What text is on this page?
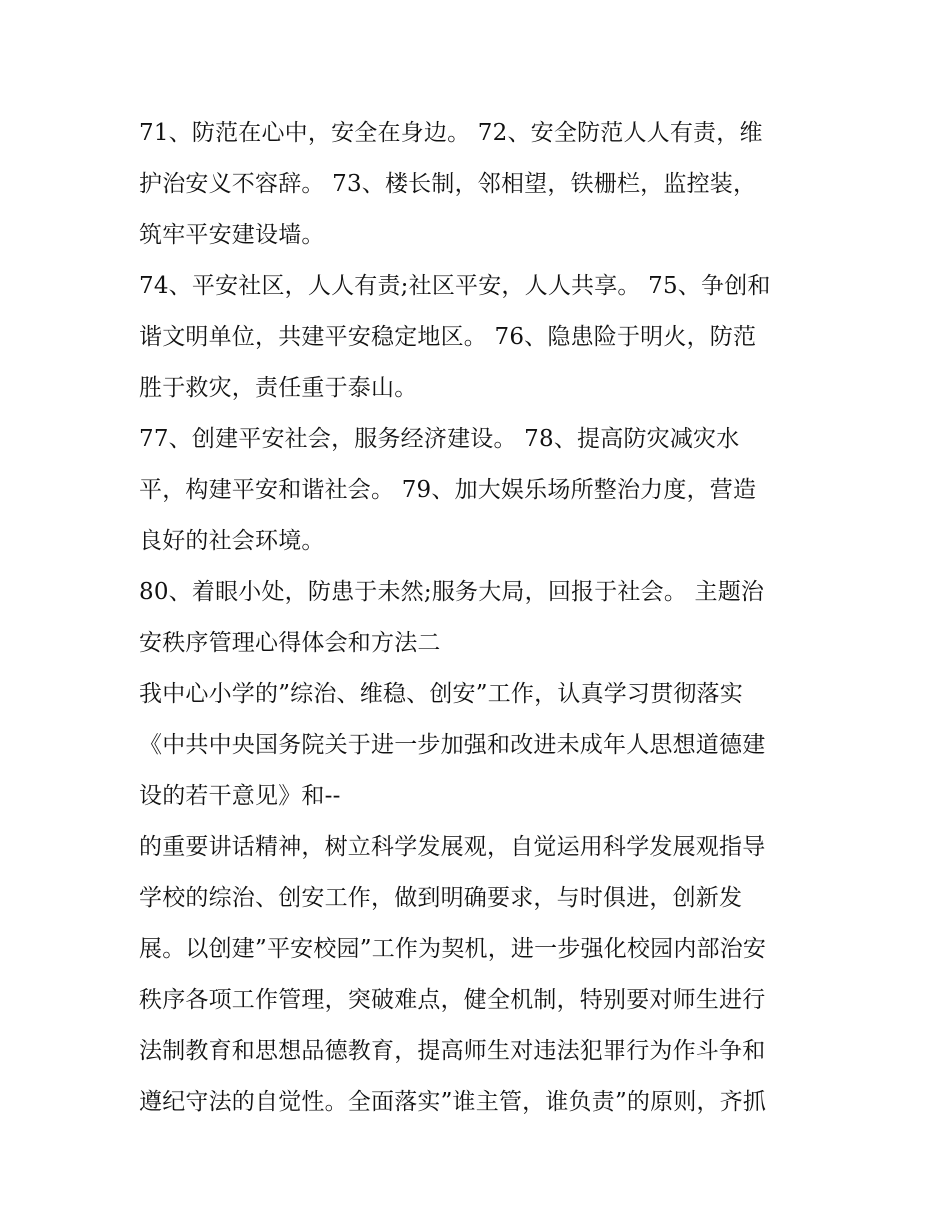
71、防范在心中，安全在身边。 72、安全防范人人有责，维
护治安义不容辞。 73、楼长制，邻相望，铁栅栏，监控装，
筑牢平安建设墙。
74、平安社区，人人有责;社区平安，人人共享。 75、争创和
谐文明单位，共建平安稳定地区。 76、隐患险于明火，防范
胜于救灾，责任重于泰山。
77、创建平安社会，服务经济建设。 78、提高防灾减灾水
平，构建平安和谐社会。 79、加大娱乐场所整治力度，营造
良好的社会环境。
80、着眼小处，防患于未然;服务大局，回报于社会。 主题治
安秩序管理心得体会和方法二
我中心小学的”综治、维稳、创安”工作，认真学习贯彻落实
《中共中央国务院关于进一步加强和改进未成年人思想道德建
设的若干意见》和--
的重要讲话精神，树立科学发展观，自觉运用科学发展观指导
学校的综治、创安工作，做到明确要求，与时俱进，创新发
展。以创建”平安校园”工作为契机，进一步强化校园内部治安
秩序各项工作管理，突破难点，健全机制，特别要对师生进行
法制教育和思想品德教育，提高师生对违法犯罪行为作斗争和
遵纪守法的自觉性。全面落实”谁主管，谁负责”的原则，齐抓
